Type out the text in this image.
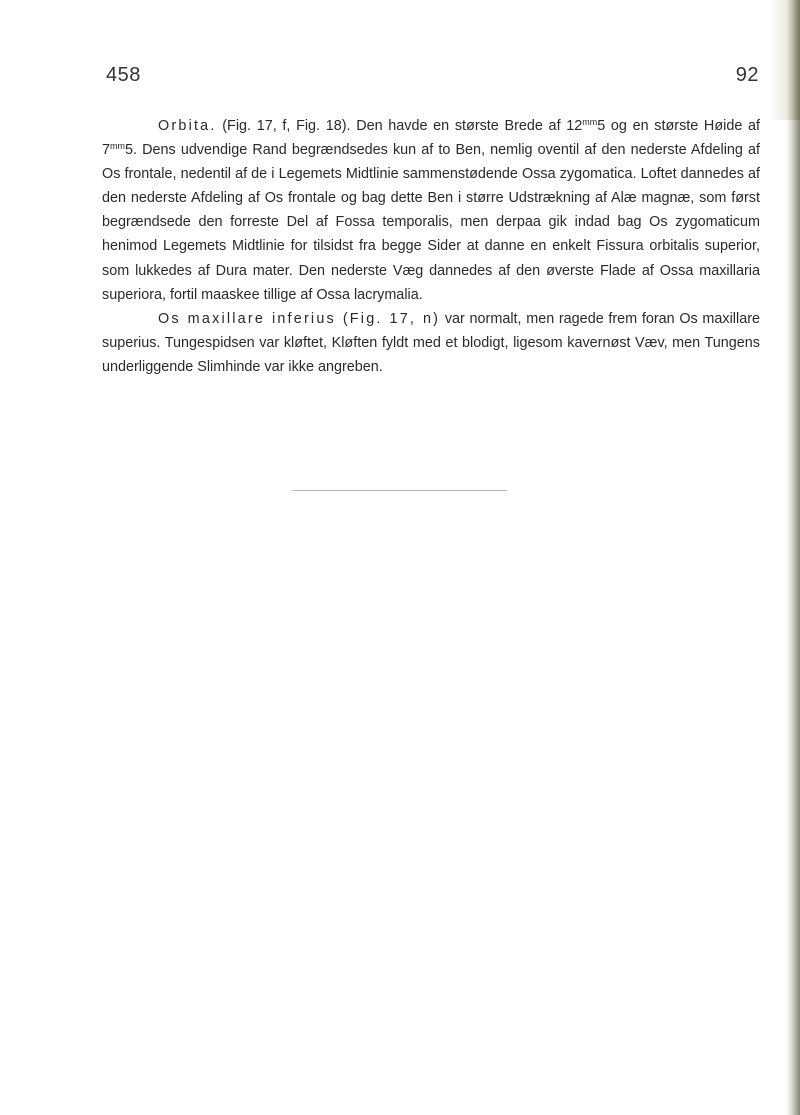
458	92

Orbita. (Fig. 17, f, Fig. 18). Den havde en største Brede af $12^{mm}5$ og en største Høide af $7^{mm}5$. Dens udvendige Rand begrændsedes kun af to Ben, nemlig oventil af den nederste Afdeling af Os frontale, nedentil af de i Legemets Midtlinie sammenstødende Ossa zygomatica. Loftet dannedes af den nederste Afdeling af Os frontale og bag dette Ben i større Udstrækning af Alæ magnæ, som først begrændsede den forreste Del af Fossa temporalis, men derpaa gik indad bag Os zygomaticum henimod Legemets Midtlinie for tilsidst fra begge Sider at danne en enkelt Fissura orbitalis superior, som lukkedes af Dura mater. Den nederste Væg dannedes af den øverste Flade af Ossa maxillaria superiora, fortil maaskee tillige af Ossa lacrymalia.

Os maxillare inferius (Fig. 17, n) var normalt, men ragede frem foran Os maxillare superius. Tungespidsen var kløftet, Kløften fyldt med et blodigt, ligesom kavernøst Væv, men Tungens underliggende Slimhinde var ikke angreben.
